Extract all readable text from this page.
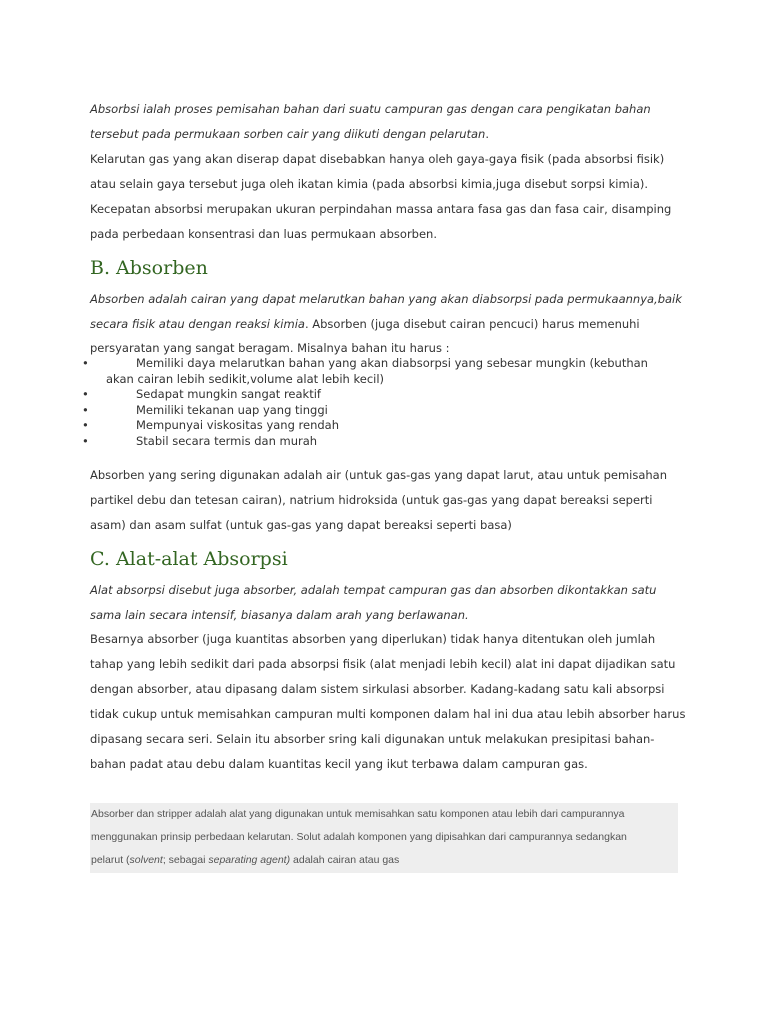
Absorbsi ialah proses pemisahan bahan dari suatu campuran gas dengan cara pengikatan bahan
tersebut pada permukaan sorben cair yang diikuti dengan pelarutan.
Kelarutan gas yang akan diserap dapat disebabkan hanya oleh gaya-gaya fisik (pada absorbsi fisik)
atau selain gaya tersebut juga oleh ikatan kimia (pada absorbsi kimia,juga disebut sorpsi kimia).
Kecepatan absorbsi merupakan ukuran perpindahan massa antara fasa gas dan fasa cair, disamping
pada perbedaan konsentrasi dan luas permukaan absorben.
B. Absorben
Absorben adalah cairan yang dapat melarutkan bahan yang akan diabsorpsi pada permukaannya,baik
secara fisik atau dengan reaksi kimia. Absorben (juga disebut cairan pencuci) harus memenuhi
persyaratan yang sangat beragam. Misalnya bahan itu harus :
•	Memiliki daya melarutkan bahan yang akan diabsorpsi yang sebesar mungkin (kebuthan
akan cairan lebih sedikit,volume alat lebih kecil)
•	Sedapat mungkin sangat reaktif
•	Memiliki tekanan uap yang tinggi
•	Mempunyai viskositas yang rendah
•	Stabil secara termis dan murah
Absorben yang sering digunakan adalah air (untuk gas-gas yang dapat larut, atau untuk pemisahan
partikel debu dan tetesan cairan), natrium hidroksida (untuk gas-gas yang dapat bereaksi seperti
asam) dan asam sulfat (untuk gas-gas yang dapat bereaksi seperti basa)
C. Alat-alat Absorpsi
Alat absorpsi disebut juga absorber, adalah tempat campuran gas dan absorben dikontakkan satu
sama lain secara intensif, biasanya dalam arah yang berlawanan.
Besarnya absorber (juga kuantitas absorben yang diperlukan) tidak hanya ditentukan oleh jumlah
tahap yang lebih sedikit dari pada absorpsi fisik (alat menjadi lebih kecil) alat ini dapat dijadikan satu
dengan absorber, atau dipasang dalam sistem sirkulasi absorber. Kadang-kadang satu kali absorpsi
tidak cukup untuk memisahkan campuran multi komponen dalam hal ini dua atau lebih absorber harus
dipasang secara seri. Selain itu absorber sring kali digunakan untuk melakukan presipitasi bahan-
bahan padat atau debu dalam kuantitas kecil yang ikut terbawa dalam campuran gas.
Absorber dan stripper adalah alat yang digunakan untuk memisahkan satu komponen atau lebih dari campurannya
menggunakan prinsip perbedaan kelarutan. Solut adalah komponen yang dipisahkan dari campurannya sedangkan
pelarut (solvent; sebagai separating agent) adalah cairan atau gas
